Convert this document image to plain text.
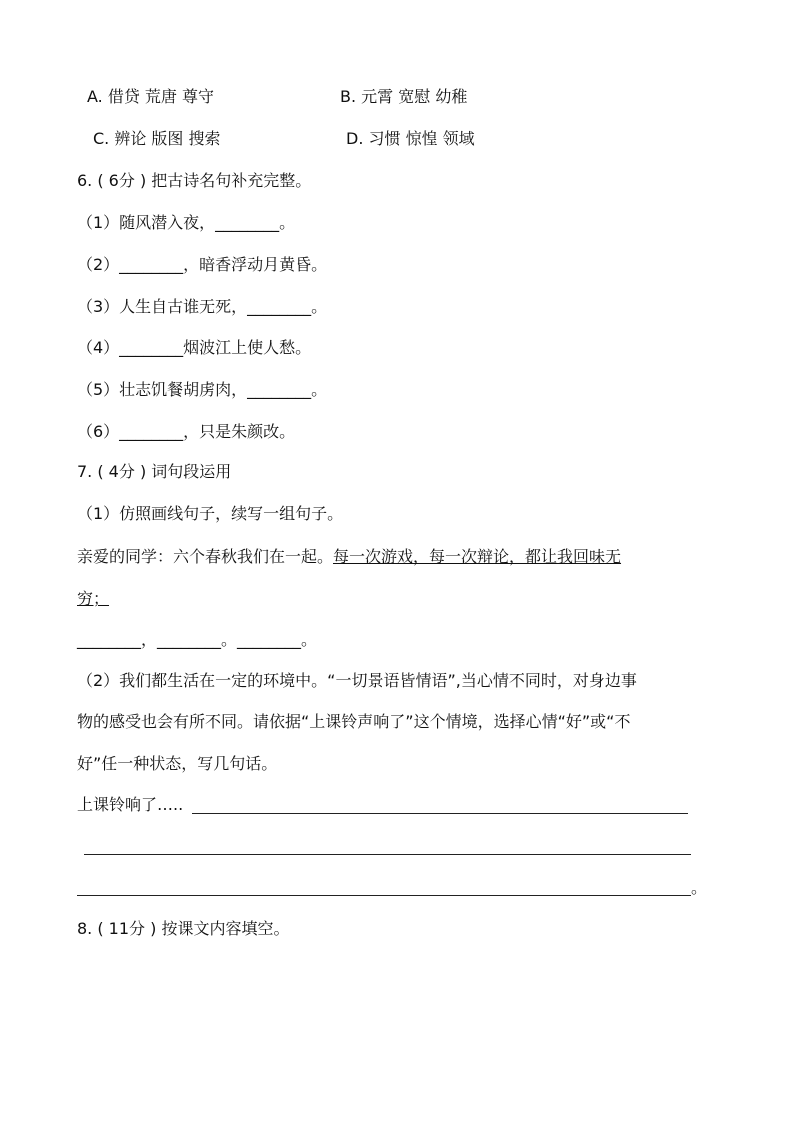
A. 借贷 荒唐 尊守	B. 元霄 宽慰 幼稚
C. 辨论 版图 搜索	D. 习惯 惊惶 领域
6. ( 6分 ) 把古诗名句补充完整。
（1）随风潜入夜，________。
（2）________，暗香浮动月黄昏。
（3）人生自古谁无死，________。
（4）________烟波江上使人愁。
（5）壮志饥餐胡虏肉，________。
（6）________，只是朱颜改。
7. ( 4分 ) 词句段运用
（1）仿照画线句子，续写一组句子。
亲爱的同学：六个春秋我们在一起。每一次游戏，每一次辩论，都让我回味无
穷；
________，________。________。
（2）我们都生活在一定的环境中。“一切景语皆情语”,当心情不同时，对身边事
物的感受也会有所不同。请依据“上课铃声响了”这个情境，选择心情“好”或“不
好”任一种状态，写几句话。
上课铃响了…..
。
8. ( 11分 ) 按课文内容填空。
